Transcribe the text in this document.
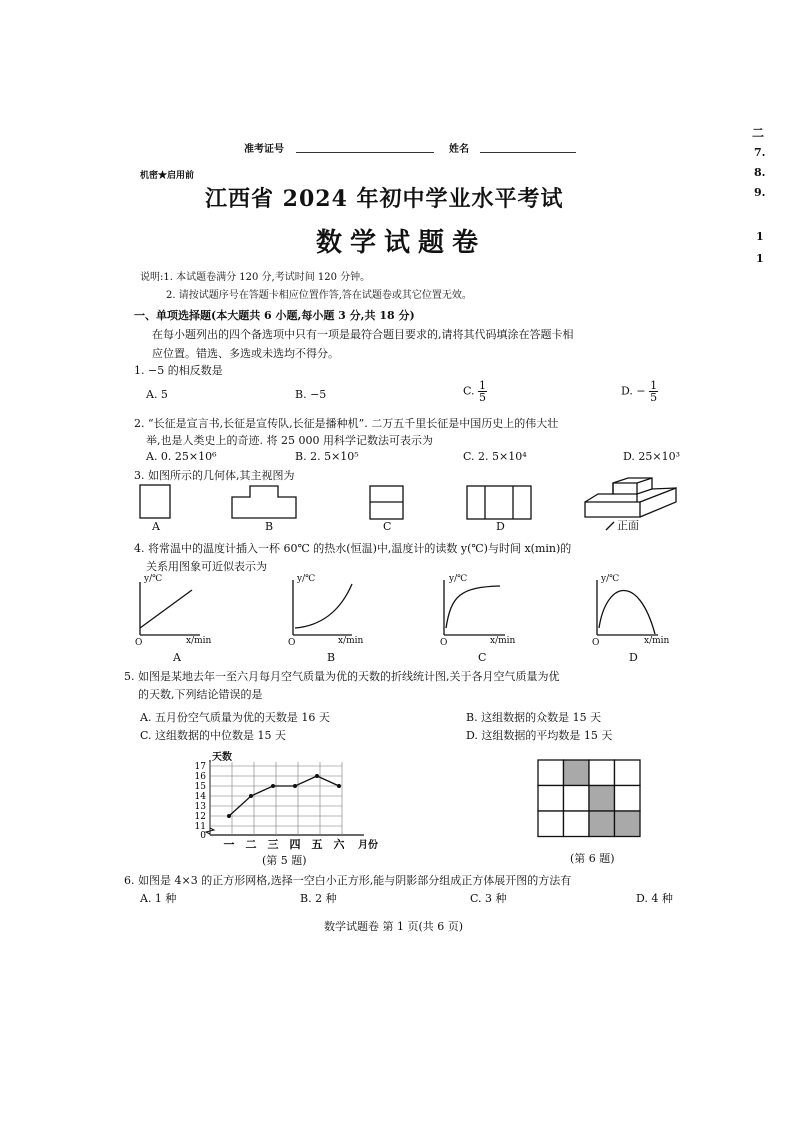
二
7.
8.
9.
1
1
准考证号	姓名
机密★启用前
江西省 2024 年初中学业水平考试
数学试题卷
说明:1. 本试题卷满分 120 分,考试时间 120 分钟。
2. 请按试题序号在答题卡相应位置作答,答在试题卷或其它位置无效。
一、单项选择题(本大题共 6 小题,每小题 3 分,共 18 分)
在每小题列出的四个备选项中只有一项是最符合题目要求的,请将其代码填涂在答题卡相
应位置。错选、多选或未选均不得分。
1. −5 的相反数是
A. 5	B. −5	C. $\frac{1}{5}$	D. − $\frac{1}{5}$
2. “长征是宣言书,长征是宣传队,长征是播种机”. 二万五千里长征是中国历史上的伟大壮
举,也是人类史上的奇迹. 将 25 000 用科学记数法可表示为
A. 0. 25×10⁶	B. 2. 5×10⁵	C. 2. 5×10⁴	D. 25×10³
3. 如图所示的几何体,其主视图为
A	B	C	D	正面
4. 将常温中的温度计插入一杯 60℃ 的热水(恒温)中,温度计的读数 y(℃)与时间 x(min)的
关系用图象可近似表示为
y/℃
x/min
O
A
y/℃
x/min
O
B
y/℃
x/min
O
C
y/℃
x/min
O
D
5. 如图是某地去年一至六月每月空气质量为优的天数的折线统计图,关于各月空气质量为优
的天数,下列结论错误的是
A. 五月份空气质量为优的天数是 16 天	B. 这组数据的众数是 15 天
C. 这组数据的中位数是 15 天	D. 这组数据的平均数是 15 天
天数
0
11
12
13
14
15
16
17
一 二 三 四 五 六 月份
(第 5 题)	(第 6 题)
6. 如图是 4×3 的正方形网格,选择一空白小正方形,能与阴影部分组成正方体展开图的方法有
A. 1 种	B. 2 种	C. 3 种	D. 4 种
数学试题卷 第 1 页(共 6 页)
